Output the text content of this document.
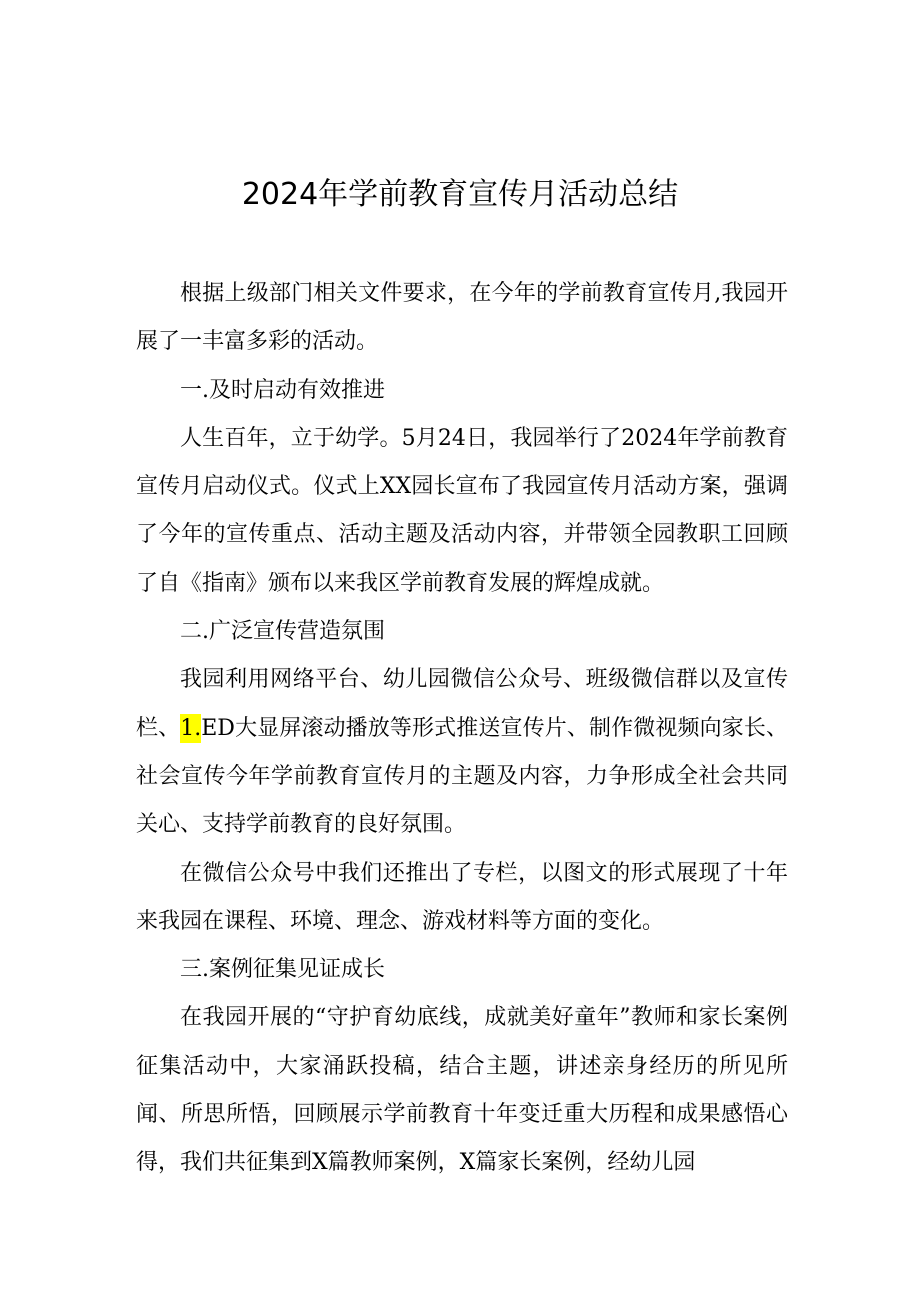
2024年学前教育宣传月活动总结

根据上级部门相关文件要求，在今年的学前教育宣传月,我园开展了一丰富多彩的活动。

一.及时启动有效推进

人生百年，立于幼学。5月24日，我园举行了2024年学前教育宣传月启动仪式。仪式上XX园长宣布了我园宣传月活动方案，强调了今年的宣传重点、活动主题及活动内容，并带领全园教职工回顾了自《指南》颁布以来我区学前教育发展的辉煌成就。

二.广泛宣传营造氛围

我园利用网络平台、幼儿园微信公众号、班级微信群以及宣传栏、1.ED大显屏滚动播放等形式推送宣传片、制作微视频向家长、社会宣传今年学前教育宣传月的主题及内容，力争形成全社会共同关心、支持学前教育的良好氛围。

在微信公众号中我们还推出了专栏，以图文的形式展现了十年来我园在课程、环境、理念、游戏材料等方面的变化。

三.案例征集见证成长

在我园开展的“守护育幼底线，成就美好童年”教师和家长案例征集活动中，大家涌跃投稿，结合主题，讲述亲身经历的所见所闻、所思所悟，回顾展示学前教育十年变迁重大历程和成果感悟心得，我们共征集到X篇教师案例，X篇家长案例，经幼儿园
